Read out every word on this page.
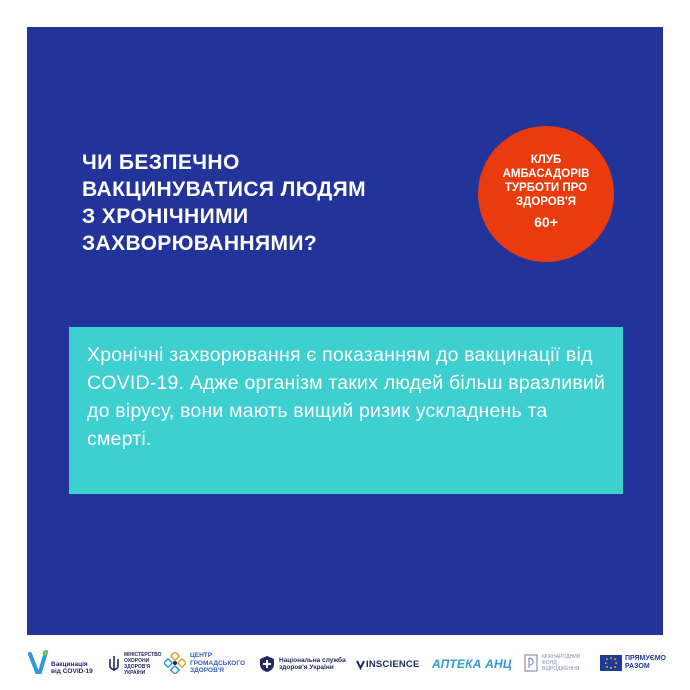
ЧИ БЕЗПЕЧНО
ВАКЦИНУВАТИСЯ ЛЮДЯМ
З ХРОНІЧНИМИ
ЗАХВОРЮВАННЯМИ?

КЛУБ
АМБАСАДОРІВ
ТУРБОТИ ПРО
ЗДОРОВ'Я
60+

Хронічні захворювання є показанням до вакцинації від COVID-19. Адже організм таких людей більш вразливий до вірусу, вони мають вищий ризик ускладнень та смерті.

Вакцинація
від COVID-19
МІНІСТЕРСТВО
ОХОРОНИ
ЗДОРОВ'Я
УКРАЇНИ
ЦЕНТР
ГРОМАДСЬКОГО
ЗДОРОВ'Я
Національна служба
здоров'я України	INSCIENCE АПТЕКА АНЦ	МІЖНАРОДНИЙ
ФОНД
ВІДРОДЖЕННЯ
ПРЯМУЄМО
РАЗОМ
